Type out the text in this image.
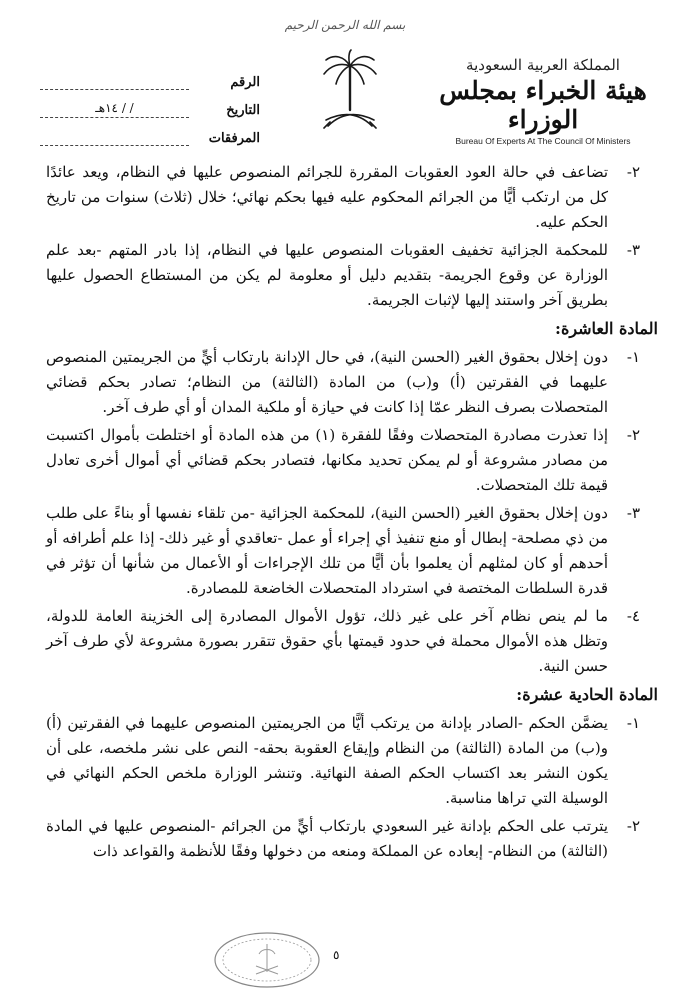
بسم الله الرحمن الرحيم
الرقم
التاريخ
/ / ١٤هـ
المرفقات
المملكة العربية السعودية
هيئة الخبراء بمجلس الوزراء
Bureau Of Experts At The Council Of Ministers
٢-
تضاعف في حالة العود العقوبات المقررة للجرائم المنصوص عليها في النظام، ويعد عائدًا كل من ارتكب أيًّا من الجرائم المحكوم عليه فيها بحكم نهائي؛ خلال (ثلاث) سنوات من تاريخ الحكم عليه.
٣-
للمحكمة الجزائية تخفيف العقوبات المنصوص عليها في النظام، إذا بادر المتهم -بعد علم الوزارة عن وقوع الجريمة- بتقديم دليل أو معلومة لم يكن من المستطاع الحصول عليها بطريق آخر واستند إليها لإثبات الجريمة.
المادة العاشرة:
١-
دون إخلال بحقوق الغير (الحسن النية)، في حال الإدانة بارتكاب أيٍّ من الجريمتين المنصوص عليهما في الفقرتين (أ) و(ب) من المادة (الثالثة) من النظام؛ تصادر بحكم قضائي المتحصلات بصرف النظر عمّا إذا كانت في حيازة أو ملكية المدان أو أي طرف آخر.
٢-
إذا تعذرت مصادرة المتحصلات وفقًا للفقرة (١) من هذه المادة أو اختلطت بأموال اكتسبت من مصادر مشروعة أو لم يمكن تحديد مكانها، فتصادر بحكم قضائي أي أموال أخرى تعادل قيمة تلك المتحصلات.
٣-
دون إخلال بحقوق الغير (الحسن النية)، للمحكمة الجزائية -من تلقاء نفسها أو بناءً على طلب من ذي مصلحة- إبطال أو منع تنفيذ أي إجراء أو عمل -تعاقدي أو غير ذلك- إذا علم أطرافه أو أحدهم أو كان لمثلهم أن يعلموا بأن أيًّا من تلك الإجراءات أو الأعمال من شأنها أن تؤثر في قدرة السلطات المختصة في استرداد المتحصلات الخاضعة للمصادرة.
٤-
ما لم ينص نظام آخر على غير ذلك، تؤول الأموال المصادرة إلى الخزينة العامة للدولة، وتظل هذه الأموال محملة في حدود قيمتها بأي حقوق تتقرر بصورة مشروعة لأي طرف آخر حسن النية.
المادة الحادية عشرة:
١-
يضمَّن الحكم -الصادر بإدانة من يرتكب أيًّا من الجريمتين المنصوص عليهما في الفقرتين (أ) و(ب) من المادة (الثالثة) من النظام وإيقاع العقوبة بحقه- النص على نشر ملخصه، على أن يكون النشر بعد اكتساب الحكم الصفة النهائية. وتنشر الوزارة ملخص الحكم النهائي في الوسيلة التي تراها مناسبة.
٢-
يترتب على الحكم بإدانة غير السعودي بارتكاب أيٍّ من الجرائم -المنصوص عليها في المادة (الثالثة) من النظام- إبعاده عن المملكة ومنعه من دخولها وفقًا للأنظمة والقواعد ذات
٥
